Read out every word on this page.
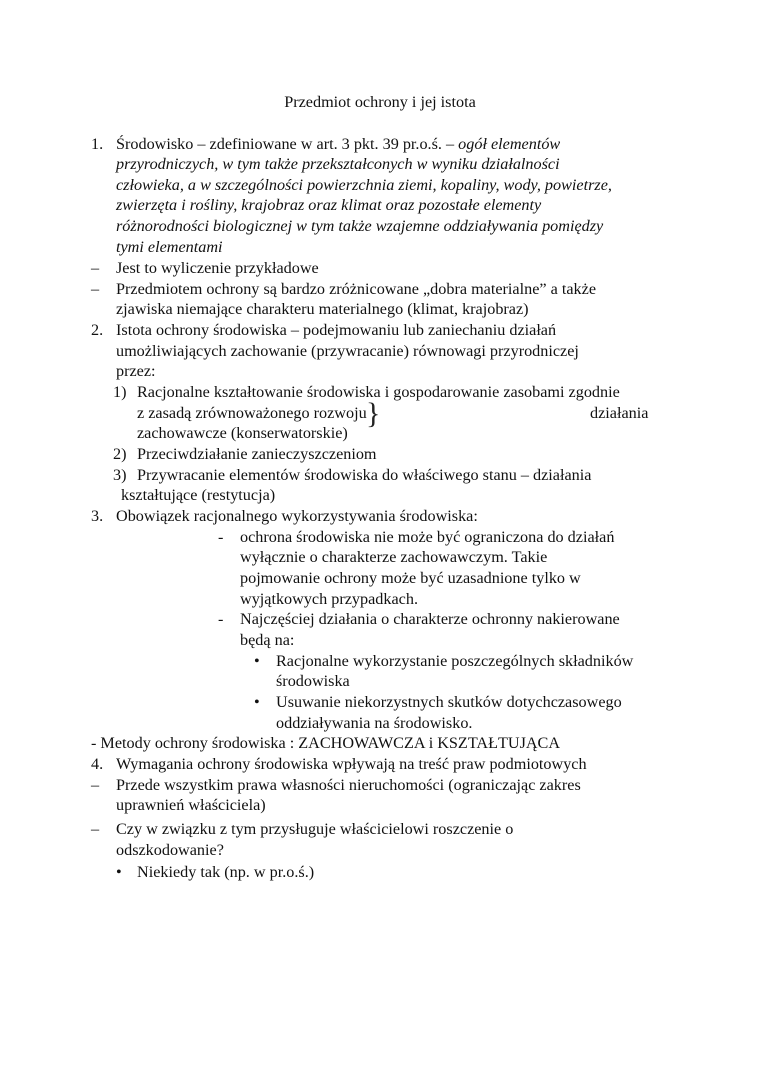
Przedmiot ochrony i jej istota
1. Środowisko – zdefiniowane w art. 3 pkt. 39 pr.o.ś. – ogół elementów
przyrodniczych, w tym także przekształconych w wyniku działalności
człowieka, a w szczególności powierzchnia ziemi, kopaliny, wody, powietrze,
zwierzęta i rośliny, krajobraz oraz klimat oraz pozostałe elementy
różnorodności biologicznej w tym także wzajemne oddziaływania pomiędzy
tymi elementami
– Jest to wyliczenie przykładowe
– Przedmiotem ochrony są bardzo zróżnicowane „dobra materialne” a także
zjawiska niemające charakteru materialnego (klimat, krajobraz)
2. Istota ochrony środowiska – podejmowaniu lub zaniechaniu działań
umożliwiających zachowanie (przywracanie) równowagi przyrodniczej
przez:
1) Racjonalne kształtowanie środowiska i gospodarowanie zasobami zgodnie
z zasadą zrównoważonego rozwoju }	działania
zachowawcze (konserwatorskie)
2) Przeciwdziałanie zanieczyszczeniom
3) Przywracanie elementów środowiska do właściwego stanu – działania
kształtujące (restytucja)
3. Obowiązek racjonalnego wykorzystywania środowiska:
- ochrona środowiska nie może być ograniczona do działań
wyłącznie o charakterze zachowawczym. Takie
pojmowanie ochrony może być uzasadnione tylko w
wyjątkowych przypadkach.
- Najczęściej działania o charakterze ochronny nakierowane
będą na:
• Racjonalne wykorzystanie poszczególnych składników
środowiska
• Usuwanie niekorzystnych skutków dotychczasowego
oddziaływania na środowisko.
- Metody ochrony środowiska : ZACHOWAWCZA i KSZTAŁTUJĄCA
4. Wymagania ochrony środowiska wpływają na treść praw podmiotowych
– Przede wszystkim prawa własności nieruchomości (ograniczając zakres
uprawnień właściciela)
– Czy w związku z tym przysługuje właścicielowi roszczenie o
odszkodowanie?
• Niekiedy tak (np. w pr.o.ś.)
